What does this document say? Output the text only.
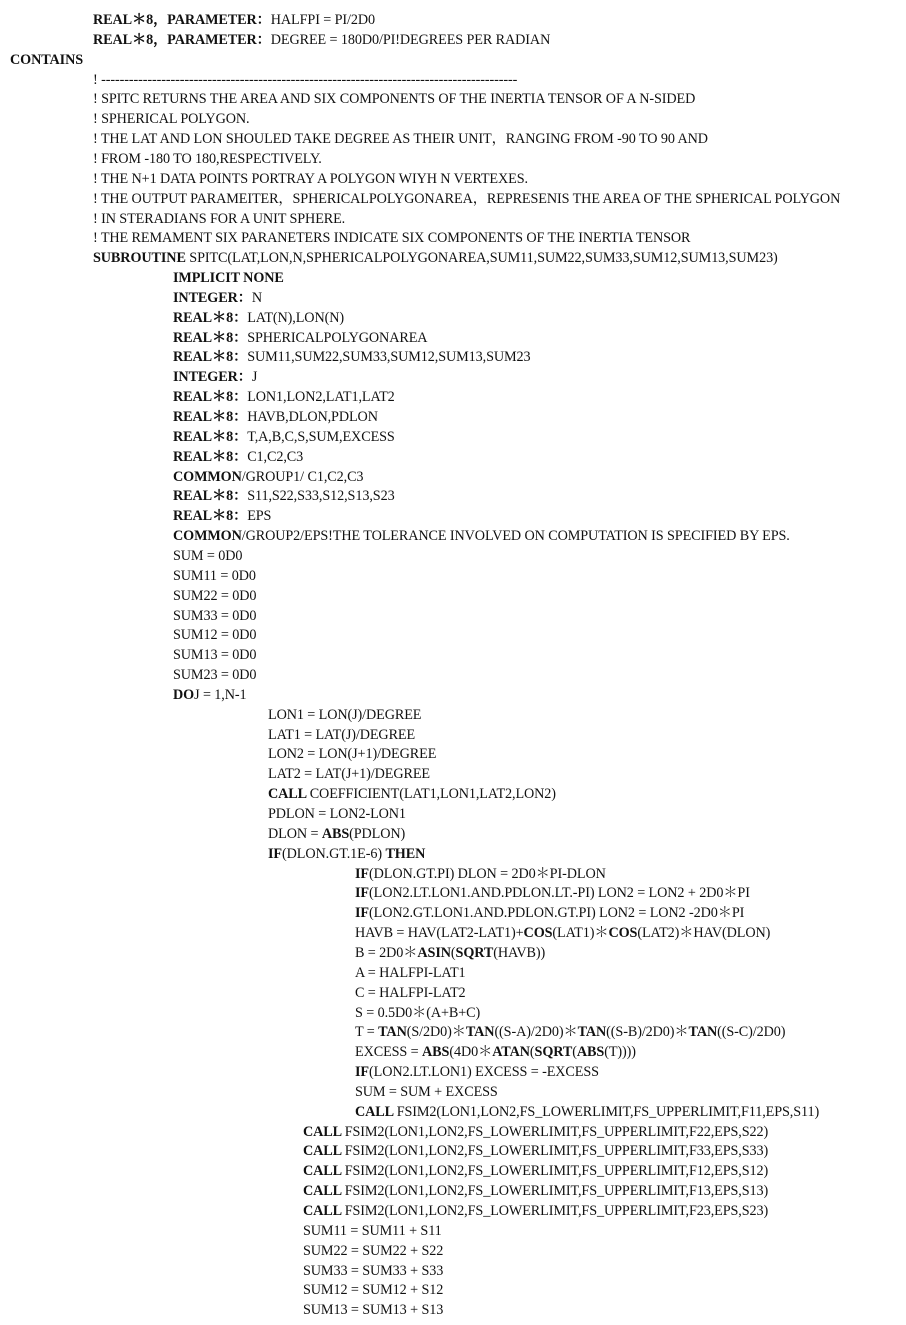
REAL＊8，PARAMETER：HALFPI = PI/2D0
REAL＊8，PARAMETER：DEGREE = 180D0/PI!DEGREES PER RADIAN
CONTAINS
! ------------------------------------------------------------------------------------------
! SPITC RETURNS THE AREA AND SIX COMPONENTS OF THE INERTIA TENSOR OF A N-SIDED
! SPHERICAL POLYGON.
! THE LAT AND LON SHOULED TAKE DEGREE AS THEIR UNIT，RANGING FROM -90 TO 90 AND
! FROM -180 TO 180,RESPECTIVELY.
! THE N+1 DATA POINTS PORTRAY A POLYGON WIYH N VERTEXES.
! THE OUTPUT PARAMEITER，SPHERICALPOLYGONAREA，REPRESENIS THE AREA OF THE SPHERICAL POLYGON
! IN STERADIANS FOR A UNIT SPHERE.
! THE REMAMENT SIX PARANETERS INDICATE SIX COMPONENTS OF THE INERTIA TENSOR
SUBROUTINE SPITC(LAT,LON,N,SPHERICALPOLYGONAREA,SUM11,SUM22,SUM33,SUM12,SUM13,SUM23)
IMPLICIT NONE
INTEGER：N
REAL＊8：LAT(N),LON(N)
REAL＊8：SPHERICALPOLYGONAREA
REAL＊8：SUM11,SUM22,SUM33,SUM12,SUM13,SUM23
INTEGER：J
REAL＊8：LON1,LON2,LAT1,LAT2
REAL＊8：HAVB,DLON,PDLON
REAL＊8：T,A,B,C,S,SUM,EXCESS
REAL＊8：C1,C2,C3
COMMON/GROUP1/ C1,C2,C3
REAL＊8：S11,S22,S33,S12,S13,S23
REAL＊8：EPS
COMMON/GROUP2/EPS!THE TOLERANCE INVOLVED ON COMPUTATION IS SPECIFIED BY EPS.
SUM = 0D0
SUM11 = 0D0
SUM22 = 0D0
SUM33 = 0D0
SUM12 = 0D0
SUM13 = 0D0
SUM23 = 0D0
DOJ = 1,N-1
LON1 = LON(J)/DEGREE
LAT1 = LAT(J)/DEGREE
LON2 = LON(J+1)/DEGREE
LAT2 = LAT(J+1)/DEGREE
CALL COEFFICIENT(LAT1,LON1,LAT2,LON2)
PDLON = LON2-LON1
DLON = ABS(PDLON)
IF(DLON.GT.1E-6) THEN
IF(DLON.GT.PI) DLON = 2D0＊PI-DLON
IF(LON2.LT.LON1.AND.PDLON.LT.-PI) LON2 = LON2 + 2D0＊PI
IF(LON2.GT.LON1.AND.PDLON.GT.PI) LON2 = LON2 -2D0＊PI
HAVB = HAV(LAT2-LAT1)+COS(LAT1)＊COS(LAT2)＊HAV(DLON)
B = 2D0＊ASIN(SQRT(HAVB))
A = HALFPI-LAT1
C = HALFPI-LAT2
S = 0.5D0＊(A+B+C)
T = TAN(S/2D0)＊TAN((S-A)/2D0)＊TAN((S-B)/2D0)＊TAN((S-C)/2D0)
EXCESS = ABS(4D0＊ATAN(SQRT(ABS(T))))
IF(LON2.LT.LON1) EXCESS = -EXCESS
SUM = SUM + EXCESS
CALL FSIM2(LON1,LON2,FS_LOWERLIMIT,FS_UPPERLIMIT,F11,EPS,S11)
CALL FSIM2(LON1,LON2,FS_LOWERLIMIT,FS_UPPERLIMIT,F22,EPS,S22)
CALL FSIM2(LON1,LON2,FS_LOWERLIMIT,FS_UPPERLIMIT,F33,EPS,S33)
CALL FSIM2(LON1,LON2,FS_LOWERLIMIT,FS_UPPERLIMIT,F12,EPS,S12)
CALL FSIM2(LON1,LON2,FS_LOWERLIMIT,FS_UPPERLIMIT,F13,EPS,S13)
CALL FSIM2(LON1,LON2,FS_LOWERLIMIT,FS_UPPERLIMIT,F23,EPS,S23)
SUM11 = SUM11 + S11
SUM22 = SUM22 + S22
SUM33 = SUM33 + S33
SUM12 = SUM12 + S12
SUM13 = SUM13 + S13
